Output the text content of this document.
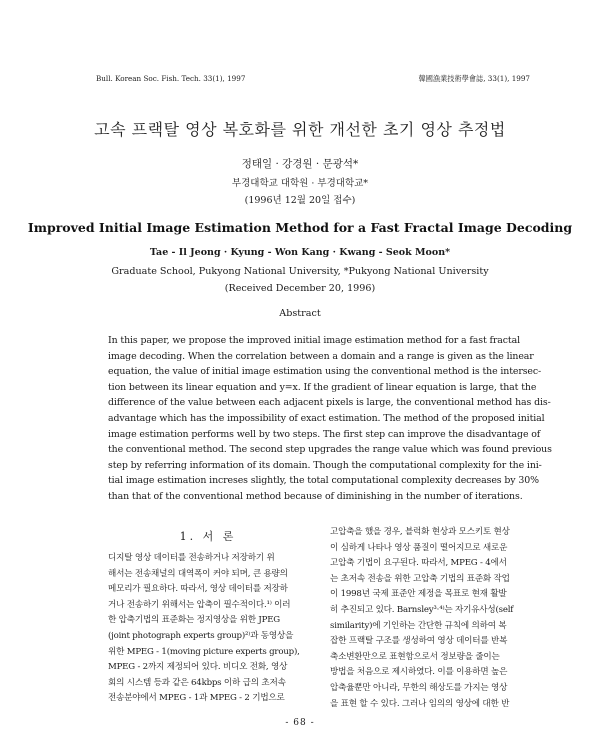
Bull. Korean Soc. Fish. Tech. 33(1), 1997	韓國漁業技術學會誌, 33(1), 1997
고속 프랙탈 영상 복호화를 위한 개선한 초기 영상 추정법
정태일 · 강경원 · 문광석*
부경대학교 대학원 · 부경대학교*
(1996년 12월 20일 접수)
Improved Initial Image Estimation Method for a Fast Fractal Image Decoding
Tae - Il Jeong · Kyung - Won Kang · Kwang - Seok Moon*
Graduate School, Pukyong National University, *Pukyong National University
(Received December 20, 1996)
Abstract
In this paper, we propose the improved initial image estimation method for a fast fractal
image decoding. When the correlation between a domain and a range is given as the linear
equation, the value of initial image estimation using the conventional method is the intersec-
tion between its linear equation and y=x. If the gradient of linear equation is large, that the
difference of the value between each adjacent pixels is large, the conventional method has dis-
advantage which has the impossibility of exact estimation. The method of the proposed initial
image estimation performs well by two steps. The first step can improve the disadvantage of
the conventional method. The second step upgrades the range value which was found previous
step by referring information of its domain. Though the computational complexity for the ini-
tial image estimation increses slightly, the total computational complexity decreases by 30%
than that of the conventional method because of diminishing in the number of iterations.
1. 서 론
디지탈 영상 데이터를 전송하거나 저장하기 위
해서는 전송채널의 대역폭이 커야 되며, 큰 용량의
메모리가 필요하다. 따라서, 영상 데이터를 저장하
거나 전송하기 위해서는 압축이 필수적이다.¹⁾ 이러
한 압축기법의 표준화는 정지영상을 위한 JPEG
(joint photograph experts group)²⁾과 동영상을
위한 MPEG - 1(moving picture experts group),
MPEG - 2까지 제정되어 있다. 비디오 전화, 영상
회의 시스템 등과 같은 64kbps 이하 급의 초저속
전송분야에서 MPEG - 1과 MPEG - 2 기법으로
고압축을 했을 경우, 블럭화 현상과 모스키토 현상
이 심하게 나타나 영상 품질이 떨어지므로 새로운
고압축 기법이 요구된다. 따라서, MPEG - 4에서
는 초저속 전송을 위한 고압축 기법의 표준화 작업
이 1998년 국제 표준안 제정을 목표로 현재 활발
히 추진되고 있다. Barnsley³·⁴⁾는 자기유사성(self
similarity)에 기인하는 간단한 규칙에 의하여 복
잡한 프랙탈 구조를 생성하여 영상 데이터를 반복
축소변환만으로 표현함으로서 정보량을 줄이는
방법을 처음으로 제시하였다. 이를 이용하면 높은
압축율뿐만 아니라, 무한의 해상도를 가지는 영상
을 표현 할 수 있다. 그러나 임의의 영상에 대한 반
- 68 -
